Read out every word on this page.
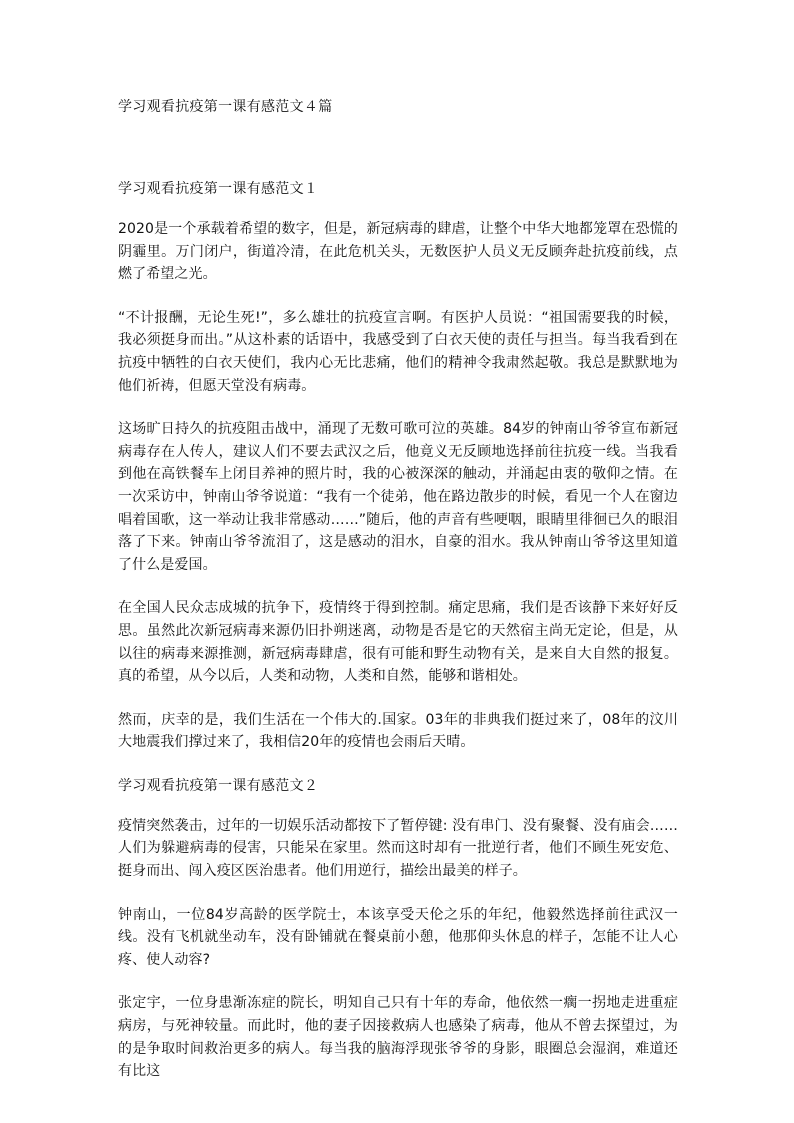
学习观看抗疫第一课有感范文４篇
学习观看抗疫第一课有感范文１

2020是一个承载着希望的数字，但是，新冠病毒的肆虐，让整个中华大地都笼罩在恐慌的阴霾里。万门闭户，街道冷清，在此危机关头，无数医护人员义无反顾奔赴抗疫前线，点燃了希望之光。

“不计报酬，无论生死!”，多么雄壮的抗疫宣言啊。有医护人员说：“祖国需要我的时候，我必须挺身而出。”从这朴素的话语中，我感受到了白衣天使的责任与担当。每当我看到在抗疫中牺牲的白衣天使们，我内心无比悲痛，他们的精神令我肃然起敬。我总是默默地为他们祈祷，但愿天堂没有病毒。

这场旷日持久的抗疫阻击战中，涌现了无数可歌可泣的英雄。84岁的钟南山爷爷宣布新冠病毒存在人传人，建议人们不要去武汉之后，他竟义无反顾地选择前往抗疫一线。当我看到他在高铁餐车上闭目养神的照片时，我的心被深深的触动，并涌起由衷的敬仰之情。在一次采访中，钟南山爷爷说道：“我有一个徒弟，他在路边散步的时候，看见一个人在窗边唱着国歌，这一举动让我非常感动……”随后，他的声音有些哽咽，眼睛里徘徊已久的眼泪落了下来。钟南山爷爷流泪了，这是感动的泪水，自豪的泪水。我从钟南山爷爷这里知道了什么是爱国。

在全国人民众志成城的抗争下，疫情终于得到控制。痛定思痛，我们是否该静下来好好反思。虽然此次新冠病毒来源仍旧扑朔迷离，动物是否是它的天然宿主尚无定论，但是，从以往的病毒来源推测，新冠病毒肆虐，很有可能和野生动物有关，是来自大自然的报复。真的希望，从今以后，人类和动物，人类和自然，能够和谐相处。

然而，庆幸的是，我们生活在一个伟大的.国家。03年的非典我们挺过来了，08年的汶川大地震我们撑过来了，我相信20年的疫情也会雨后天晴。

学习观看抗疫第一课有感范文２

疫情突然袭击，过年的一切娱乐活动都按下了暂停键: 没有串门、没有聚餐、没有庙会……人们为躲避病毒的侵害，只能呆在家里。然而这时却有一批逆行者，他们不顾生死安危、挺身而出、闯入疫区医治患者。他们用逆行，描绘出最美的样子。

钟南山，一位84岁高龄的医学院士，本该享受天伦之乐的年纪，他毅然选择前往武汉一线。没有飞机就坐动车，没有卧铺就在餐桌前小憩，他那仰头休息的样子，怎能不让人心疼、使人动容?

张定宇，一位身患渐冻症的院长，明知自己只有十年的寿命，他依然一瘸一拐地走进重症病房，与死神较量。而此时，他的妻子因接救病人也感染了病毒，他从不曾去探望过，为的是争取时间救治更多的病人。每当我的脑海浮现张爷爷的身影，眼圈总会湿润，难道还有比这
